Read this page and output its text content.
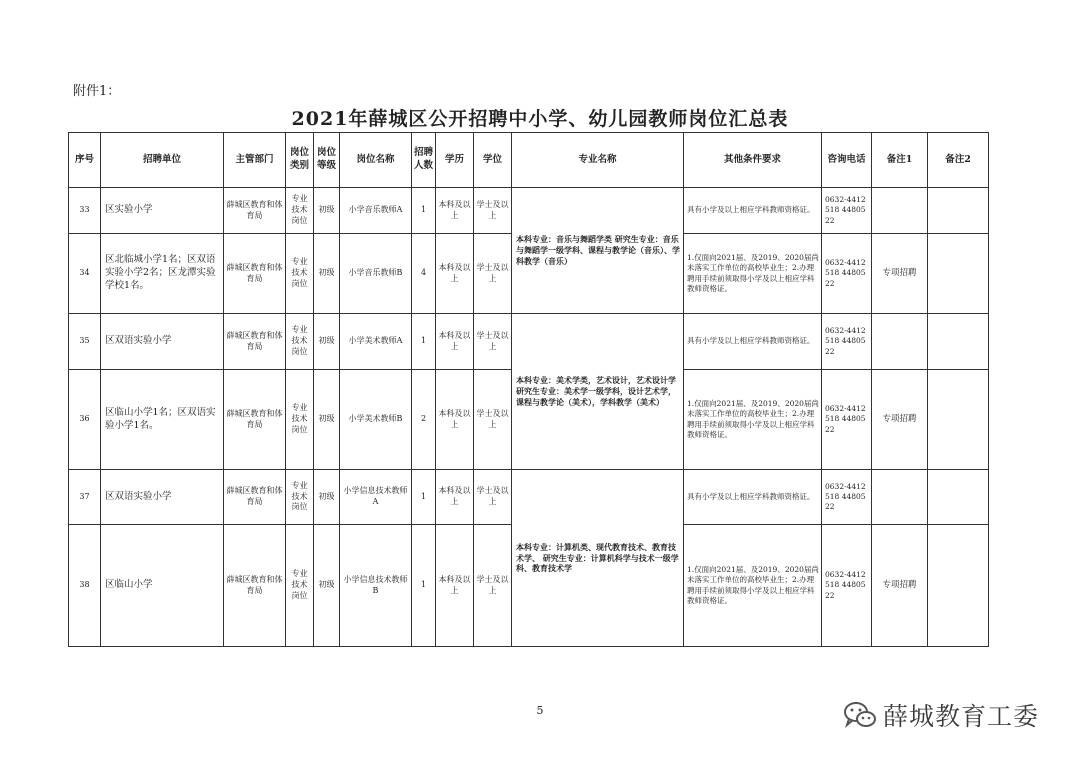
附件1：
2021年薛城区公开招聘中小学、幼儿园教师岗位汇总表
序号	招聘单位	主管部门	岗位类别	岗位等级	岗位名称	招聘人数	学历	学位	专业名称	其他条件要求	咨询电话	备注1	备注2
33	区实验小学	薛城区教育和体育局	专业技术岗位	初级	小学音乐教师A	1	本科及以上	学士及以上	本科专业：音乐与舞蹈学类 研究生专业：音乐与舞蹈学一级学科、课程与教学论（音乐）、学科教学（音乐）	具有小学及以上相应学科教师资格证。	0632-4412518 4480522		
34	区北临城小学1名；区双语实验小学2名；区龙潭实验学校1名。	薛城区教育和体育局	专业技术岗位	初级	小学音乐教师B	4	本科及以上	学士及以上		1.仅面向2021届、及2019、2020届尚未落实工作单位的高校毕业生；2.办理聘用手续前须取得小学及以上相应学科教师资格证。	0632-4412518 4480522	专项招聘	
35	区双语实验小学	薛城区教育和体育局	专业技术岗位	初级	小学美术教师A	1	本科及以上	学士及以上	本科专业：美术学类，艺术设计，艺术设计学 研究生专业：美术学一级学科，设计艺术学，课程与教学论（美术），学科教学（美术）	具有小学及以上相应学科教师资格证。	0632-4412518 4480522		
36	区临山小学1名；区双语实验小学1名。	薛城区教育和体育局	专业技术岗位	初级	小学美术教师B	2	本科及以上	学士及以上		1.仅面向2021届、及2019、2020届尚未落实工作单位的高校毕业生；2.办理聘用手续前须取得小学及以上相应学科教师资格证。	0632-4412518 4480522	专项招聘	
37	区双语实验小学	薛城区教育和体育局	专业技术岗位	初级	小学信息技术教师A	1	本科及以上	学士及以上	本科专业：计算机类、现代教育技术、教育技术学、 研究生专业：计算机科学与技术一级学科、教育技术学	具有小学及以上相应学科教师资格证。	0632-4412518 4480522		
38	区临山小学	薛城区教育和体育局	专业技术岗位	初级	小学信息技术教师B	1	本科及以上	学士及以上		1.仅面向2021届、及2019、2020届尚未落实工作单位的高校毕业生；2.办理聘用手续前须取得小学及以上相应学科教师资格证。	0632-4412518 4480522	专项招聘	
5	薛城教育工委
